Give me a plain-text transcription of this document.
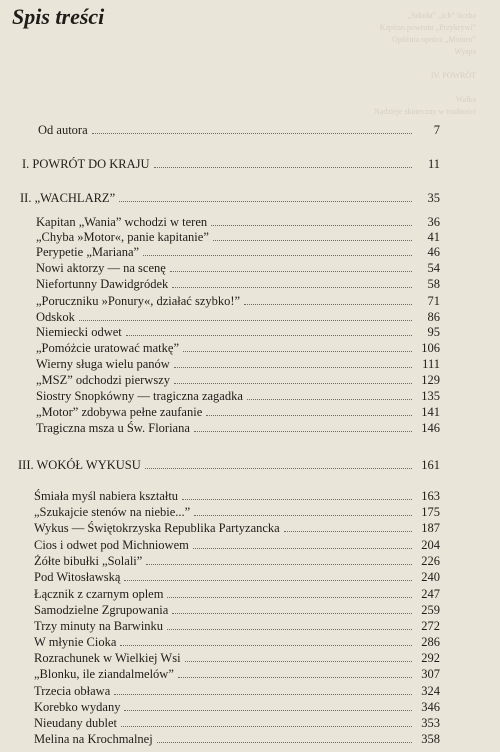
Spis treści	„Szkoła” „ich” liczba
Kapitan powrotu „Przykrywi”
Opóźnia oprócz „Motoru”
Wyspa

IV. POWRÓT

Walka
Nadzieje skuteczny w trudności
Od autora	7
I. POWRÓT DO KRAJU	11
II. „WACHLARZ”	35
Kapitan „Wania” wchodzi w teren	36
„Chyba »Motor«, panie kapitanie”	41
Perypetie „Mariana”	46
Nowi aktorzy — na scenę	54
Niefortunny Dawidgródek	58
„Poruczniku »Ponury«, działać szybko!”	71
Odskok	86
Niemiecki odwet	95
„Pomóżcie uratować matkę”	106
Wierny sługa wielu panów	111
„MSZ” odchodzi pierwszy	129
Siostry Snopkówny — tragiczna zagadka	135
„Motor” zdobywa pełne zaufanie	141
Tragiczna msza u Św. Floriana	146
III. WOKÓŁ WYKUSU	161
Śmiała myśl nabiera kształtu	163
„Szukajcie stenów na niebie...”	175
Wykus — Świętokrzyska Republika Partyzancka	187
Cios i odwet pod Michniowem	204
Żółte bibułki „Solali”	226
Pod Witosławską	240
Łącznik z czarnym oplem	247
Samodzielne Zgrupowania	259
Trzy minuty na Barwinku	272
W młynie Cioka	286
Rozrachunek w Wielkiej Wsi	292
„Blonku, ile ziandalmelów”	307
Trzecia obława	324
Korebko wydany	346
Nieudany dublet	353
Melina na Krochmalnej	358
